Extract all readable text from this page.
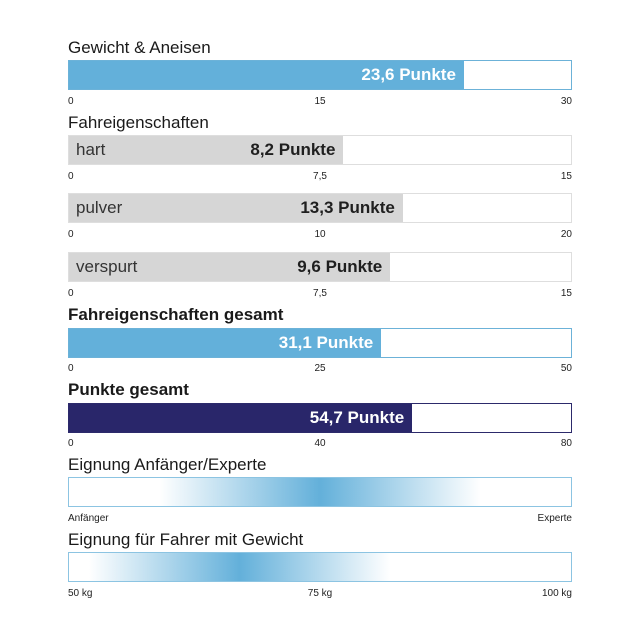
Gewicht & Aneisen
23,6 Punkte
0	15	30
Fahreigenschaften
8,2 Punkte
hart
0	7,5	15
13,3 Punkte
pulver
0	10	20
9,6 Punkte
verspurt
0	7,5	15
Fahreigenschaften gesamt
31,1 Punkte
0	25	50
Punkte gesamt
54,7 Punkte
0	40	80
Eignung Anfänger/Experte
Anfänger	Experte
Eignung für Fahrer mit Gewicht
50 kg	75 kg	100 kg
